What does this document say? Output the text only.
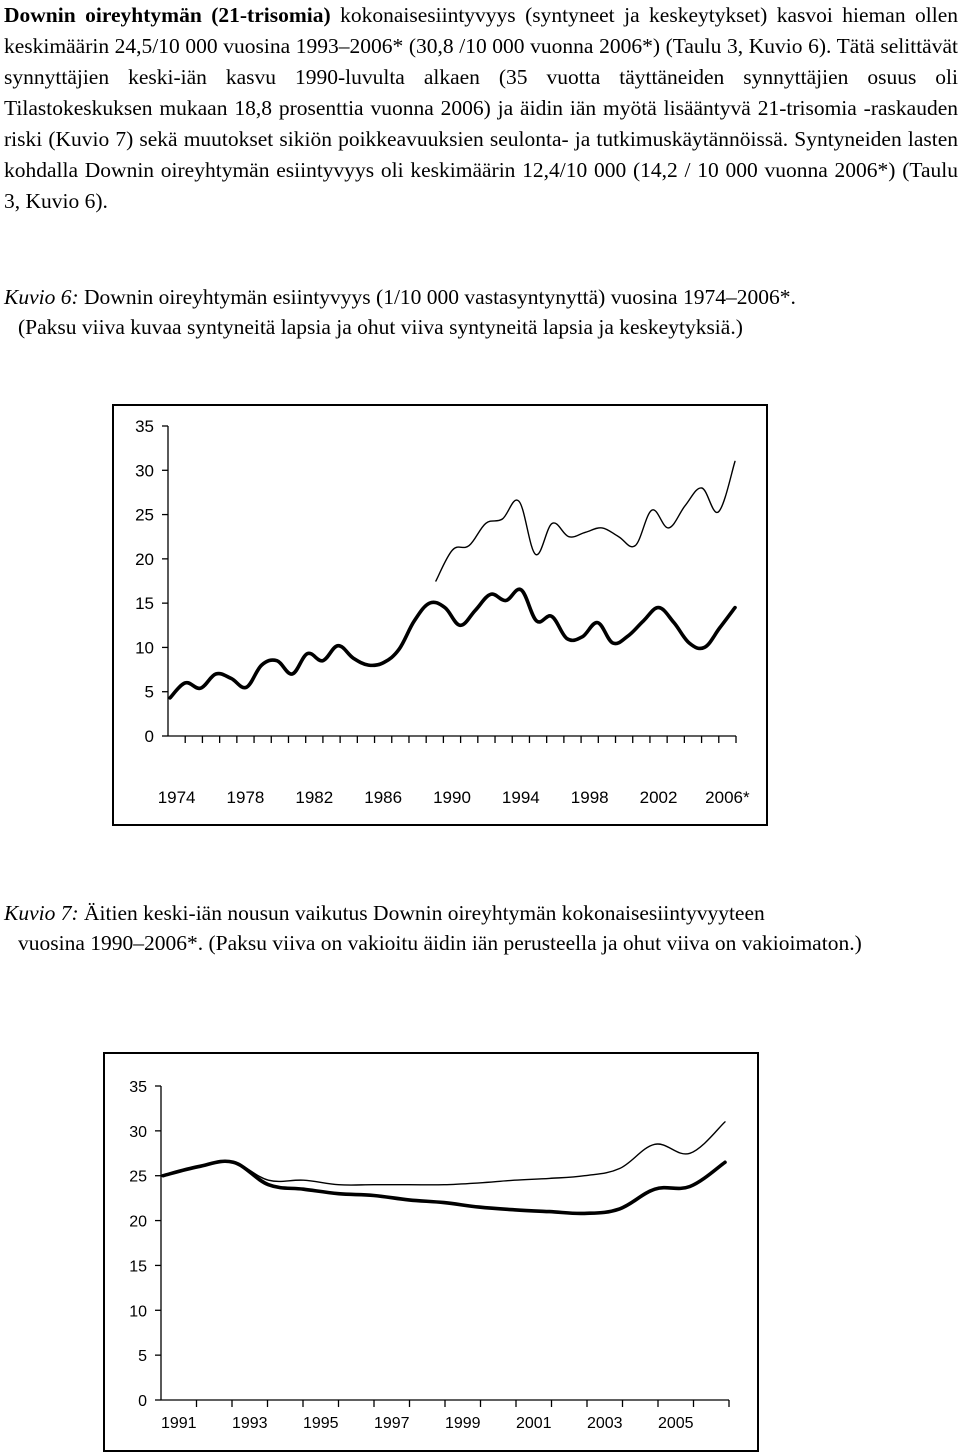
Downin oireyhtymän (21-trisomia) kokonaisesiintyvyys (syntyneet ja keskeytykset) kasvoi hieman ollen keskimäärin 24,5/10 000 vuosina 1993–2006* (30,8 /10 000 vuonna 2006*) (Taulu 3, Kuvio 6). Tätä selittävät synnyttäjien keski-iän kasvu 1990-luvulta alkaen (35 vuotta täyttäneiden synnyttäjien osuus oli Tilastokeskuksen mukaan 18,8 prosenttia vuonna 2006) ja äidin iän myötä lisääntyvä 21-trisomia -raskauden riski (Kuvio 7) sekä muutokset sikiön poikkeavuuksien seulonta- ja tutkimuskäytännöissä. Syntyneiden lasten kohdalla Downin oireyhtymän esiintyvyys oli keskimäärin 12,4/10 000 (14,2 / 10 000 vuonna 2006*) (Taulu 3, Kuvio 6).
Kuvio 6: Downin oireyhtymän esiintyvyys (1/10 000 vastasyntynyttä) vuosina 1974–2006*.
(Paksu viiva kuvaa syntyneitä lapsia ja ohut viiva syntyneitä lapsia ja keskeytyksiä.)
0
5
10
15
20
25
30
35
1974 1978 1982 1986 1990 1994 1998 2002 2006*
Kuvio 7: Äitien keski-iän nousun vaikutus Downin oireyhtymän kokonaisesiintyvyyteen
vuosina 1990–2006*. (Paksu viiva on vakioitu äidin iän perusteella ja ohut viiva on vakioimaton.)
0
5
10
15
20
25
30
35
1991 1993 1995 1997 1999 2001 2003 2005
